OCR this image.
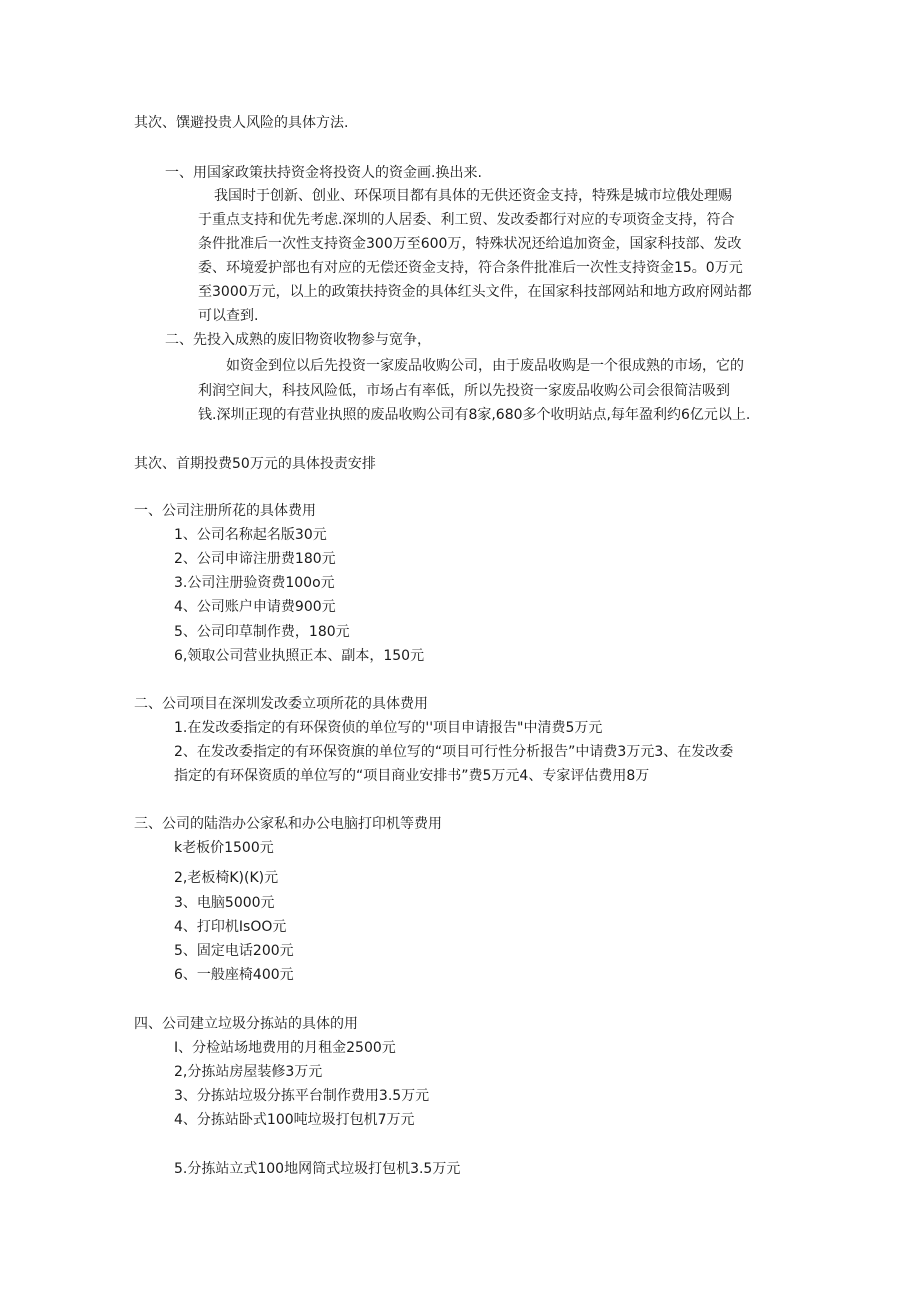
其次、馔避投贵人风险的具体方法.
一、用国家政策扶持资金将投资人的资金画.换出来.
我国时于创新、创业、环保项目都有具体的无供还资金支持，特殊是城市垃俄处理赐
于重点支持和优先考虑.深圳的人居委、利工贸、发改委都行对应的专项资金支持，符合
条件批准后一次性支持资金300万至600万，特殊状况还给追加资金，国家科技部、发改
委、环境爱护部也有对应的无偿还资金支持，符合条件批准后一次性支持资金15。0万元
至3000万元，以上的政策扶持资金的具体红头文件，在国家科技部网站和地方政府网站都
可以查到.
二、先投入成熟的废旧物资收物参与宽争，
如资金到位以后先投资一家废品收购公司，由于废品收购是一个很成熟的市场，它的
利润空间大，科技风险低，市场占有率低，所以先投资一家废品收购公司会很简洁吸到
钱.深圳正现的有营业执照的废品收购公司有8家,680多个收明站点,每年盈利约6亿元以上.
其次、首期投费50万元的具体投责安排
一、公司注册所花的具体费用
1、公司名称起名版30元
2、公司申谛注册费180元
3.公司注册验资费100o元
4、公司账户申请费900元
5、公司印草制作费，180元
6,领取公司营业执照正本、副本，150元
二、公司项目在深圳发改委立项所花的具体费用
1.在发改委指定的有环保资侦的单位写的''项目申请报告"中清费5万元
2、在发改委指定的有环保资旗的单位写的“项目可行性分析报告”中请费3万元3、在发改委
指定的有环保资质的单位写的“项目商业安排书”费5万元4、专家评估费用8万
三、公司的陆浩办公家私和办公电脑打印机等费用
k老板价1500元
2,老板椅K)(K)元
3、电脑5000元
4、打印机IsOO元
5、固定电话200元
6、一般座椅400元
四、公司建立垃圾分拣站的具体的用
I、分检站场地费用的月租金2500元
2,分拣站房屋装修3万元
3、分拣站垃圾分拣平台制作费用3.5万元
4、分拣站卧式100吨垃圾打包机7万元
5.分拣站立式100地网筒式垃圾打包机3.5万元
